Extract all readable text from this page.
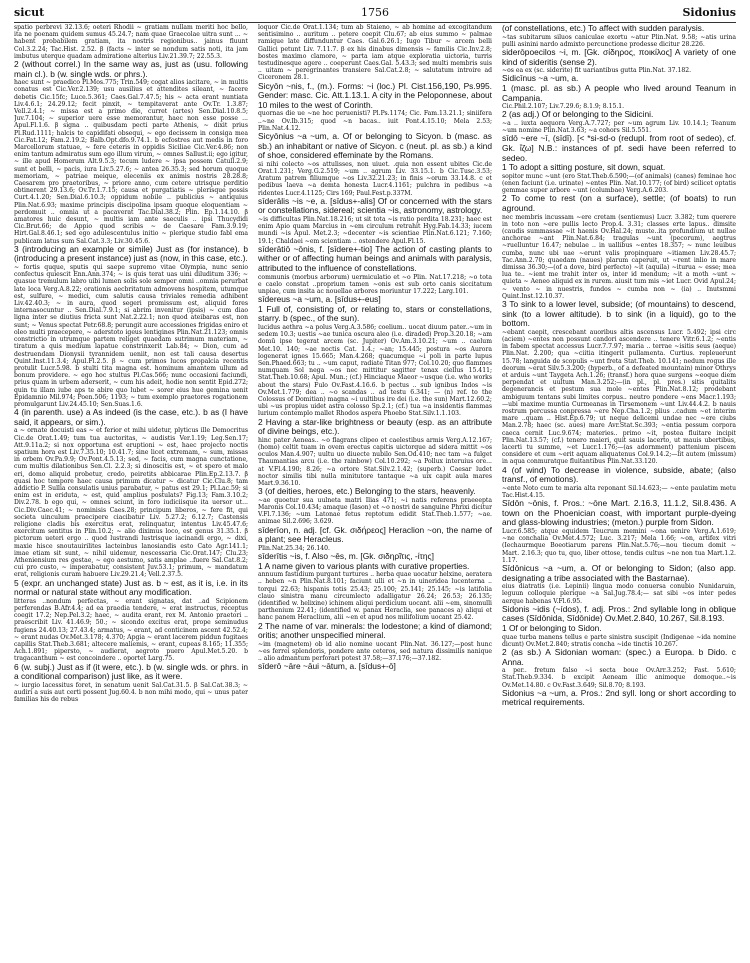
sicut	1756	Sidonius

spatio perbrevi 32.13.6; oeteri Rhodii ~ gratiam nullam meriti hoc bello, ita ne poenam quidem sumus 45.24.7; nam quae Graecolae uitra sunt ... ~ habent probabilem gratiam, ita nostris regionibus.. jainus fluunt Col.3.2.24; Tac.Hist. 2.52. β (facts ~ inter se nondum satis noti, ita jam imbutus uterque quadam admiratione alterius Liv.21.39.7; 22.55.3.

2 (without correl.) In the same way as, just as (usu. following main cl.). b (w. single wds. or phrs.).

haec sunt ~ praedico Pl.Mos.775; Trin.549; cogat alios iacitare, ~ in multis conatus est Cic.Ver.2.139; usu ausilius et attendites sileant, ~ facere debetis Cic.15fc; Luce.5.361; Caes.Gal.7.47.5; his ~ acta erant nuntiata Liv.4.6.1; 24.29.12; fecit pinxit, ~ tempitaverat ante Ov.Tr. 1.3.87; Vell.2.4.1; ~ missa est a primo die, curret (artes) Sen.Dial.10.8.5; Juv.7.104; ~ superior uere esse memorantur, haec non esse posse ... Apul.Fl.1.6. β signa .. quibusdam pecti parte Athenis, ~ dixit prius Pl.Rud.1111; halcis te capidifati obsequi, ~ ego decissem in consiga mea Cic.Fat.12; Fam.2.19.2; Balb.Opt.dfo.9.74.1. b ecfostres aut medis in foro Marcellorum statuae, ~ fere ceteris in oppidis Siciliae Cic.Ver.4.86; non enim tantum admiratus sum ego illum virum, ~ omnes Sallust.ii; ego igitur, ~ ille apud Homerum Alt.9.5.3; tecum ludere ~ ipsa possem Catull.2.9; sunt et belli, ~ pacis, iura Liv.5.27.6; ~ antea 26.35.3; sed horum quoque memoriam, ~ patriae meique, eleceniis ex animis nostris 28.28.8; Caesarem pro praetoribus, ~ priore anno, cum cetere utrisque perditio obtinerent 29.13.6; Ov.Tr.1.7.15; causa et purgatiatis ~ plerisque possis Curt.4.1.20; Sen.Dial.6.10.3; oppidum nobile .. publicius ~ antiquius Plin.Nat.6.93; maxime principis discipolina ipsam quoque eloquentiam ~ perdomuit .. omnia ut a pacaverat Tac.Dial.38.2; Plin. Ep.1.14.10. β amatores huic desunt, ~ multis iam ante saeculis .. ipsi Thucydidi Cic.Brut.66; de Appio quod scribis ~ de Caesare Fam.3.9.19; Hirt.Gal.8.46.1; sed ego adulescentulus initio ~ plerique studio fabl ema publicam latus sum Sal.Cat.3.3; Liv.30.45.6.

3 (introducing an example or simile) Just as (for instance). b (introducing a present instance) just as (now, in this case, etc.).

~ fortis quque, sputis qui saepe supremo vitae Olympia, nunc senio confectus quiescit Enn.Ann.374; ~ is quis terat uas uini diluditum 336; ~ quasue tremulum labro uibi lumen solis sole semper omni ..omnia perurbat late loca Verg.A.8.22; orationis aecbritatum admovens hospitem, utumque est, sulfure, ~ medici, cum salutis causa triviales remedia adhibent Liv.42.40.3; ~ in aura, quod segeri promissum est, aliquid fores internasocuntur .. Sen.Dial.7.9.1; si abrim invenitur (ipsis) ~ cum diao ligna inter se diutius fricta sunt Nat.2.22.1; non quod ateibaras est, non sunt; ~ Venus spectat Petr.68.8; perungit aure accessiones frigidas eniro et oleo multi praecepere, ~ aderstoto igeus lentigines Plin.Nat.21.123; omnis constrictio in utrumque partem religet quaedam sutrimum materiam, ~ tiratum a quis medium lapatue constrinxerit Lab.84; ~ Dion, cum ad destruendam Dionysii tyrannidem ueniit, non est tali causa desertus Quint.Inst.11.3.4; Apul.Fl.2.5. β ~ cum primos lucos propalcia recentis protulit Lucr.5.98. b stulti tita magna est. hominum amantem ullum ad bonum providere. ~ ego hoc stultus Pl.Cas.566; nunc occasioni faciundi, prius quam in urbem aderserit, ~ cum his adeit, hodie non sentit Epid.272; quin tu illam iube aps te abire quo lubet ~ sorer eius hue gemina uenit Epidamnio Mil.974; Poen.506; 1193; ~ tum exemplo praetores rogationem promulgarunt Liv.24.45.10; Sen.Suas.1.6.

4 (in parenth. use) a As indeed (is the case, etc.). b as (I have said, it appears, or sim.).

a ~ ornate docuisti eas ~ et ferior et mihi uidetur, plyticus ille Democritus Cic.de Orat.1.49; tum tua auctoritas, ~ audistis Ver.1.19; Leg.Sen.17; Att.9.11a.2; si nox opportuna est eruptioni ~ est, haec projecto noctis spatium hora est Liv.7.35.10; 10.41.7; sine licet extremam, ~ sum, missas in orbem Ov.Pa.9.9; Ov.Pont.4.5.13; sed, ~ facis, cum magna cunctatione, cum multis dilationibus Sen.Cl. 2.2.3; si dinoscitis est, ~ et spero et malo eri, domo aliquid probetur, credo, peiretits abbicarae Plin.Ep.2.13.7. β quasi hoc tempore haec causa primum dicatur ~ dicatur Cic.Clu.8; tam addictio P. Sullia consulatis unius parabatur, ~ patus est 29.1; Pl.Lac.59; si enim est in eriduta, ~ est, quid amplius postulats? Fig.13; Fam.3.10.2; Div.2.78. b ego qui, ~ omnes sciunt, in foro iudiciisque ita uersor ut... Cic.Div.Caec.41; ~ nominisis Caes.28; principum liberos, ~ fere fit, qui societa uinculum praecipere ciacibatur Liv. 5.27.2; 6.12.7; Castensis religione cladis bis exercitus erat, relinquatur, intentus Liv.45.47.6; exercitum sentitus in Plin.10.2; ~ alio diximus loco, est genus 31.35.1. β pictorum ueteri ergo .. quod lustrandi lustrisque iacinandi ergo, ~ dixi, maxie hisce snoutauirilites lacteinbus lanosiandis esto Cato Agr.141.1; imae etiam sit sunt, ~ nihil uidemur, nescessaria Cic.Orat.147; Clu.23; Atheniensium res gestae, ~ ego aestumo, satis amplae ..fuere Sal.Cat.8.2; cui pro custo, ~ imperabatur, consistent Juv.53.1; primum, ~ mandatum erat, religionis curam habuere Liv.29.21.4; Vell.2.37.5.

5 (expr. an unchanged state) Just as. b ~ est, as it is, i.e. in its normal or natural state without any modification.

litteras ..nondum perfectas, ~ erant signatas, dat ..ad Scipionem perferendas B.Afr.4.4; ad ea praedia tendere, ~ erat instructus, receptus coegit 17.2; Nep.Pel.3.2; haec, ~ audita erant, rex M. Antonio praetori .. praescribit Liv. 41.46.9; 50.; ~ sicondo excitus erat, prope seminudus fugiens 24.40.13; 27.43.4; armatus, ~ erant, ad conticinem ascent 42.52.4; ~ erant nudas Ov.Met.3.178; 4.370; Apgia ~ erant lacerem piddun fugitaes capillis Stat.Theb.3.681; altecere maliemis, ~ erant, cupeas 8.165; 11.355; Ach.1.891; pipersto, ~ audierat, aegroto puero Apul.Met.5.20. b tragacanthum ~ est concoindere .. oportet Larg.75.

6 (w. subj.) Just as if (it were, etc.). b (w. single wds. or phrs. in a conditional comparison) just like, as it were.

~ iurgio lacessitus foret, in senatum uenit Sal.Cat.31.5. β Sal.Cat.38.3; ~ audiri a suis aut certi possent Jug.60.4. b non mihi modo, qui ~ unus pater familias his de rebus

loquor Cic.de Orat.1.134; tum ab Staieno, ~ ab homine ad excogitandum sentisimino .. auritum .. petere coepit Clu.67; ab eius summo ~ palmae ramique late diffunduntur Caes. Gal.6.26.1; Iugo Tibur ~ arcem belli Gallici petunt Liv. 7.11.7. β ex his dinabus dimensis ~ familis Cic.Inv.2.8; bostes maximo clamore, ~ parta iam atque exploratia uictoria, turris testudinesque agere .. coeperunt Caes.Gal. 5.43.3; sed multi membris suis .. uitam ~ peregrinantes transiere Sal.Cat.2.8; ~ salutatum introire ad Ciceronem 28.1.

Sicyōn ~nis, f., (m.). Forms: ~i (loc.) Pl. Cist.156,190, Ps.995. Gender: masc. Cic. Att.1.13.1. A city in the Peloponnese, about 10 miles to the west of Corinth.

quornas die ue ~ne hoc peruenisti? Pl.Ps.1174; Cic. Fam.13.21.1; siniifera ..~ne Ov.Ib.315; quod ~n bacas.. iuit Pont.4.15.10; Mela 2.53; Plin.Nat.4.12.

Sicyōnius ~a ~um, a. Of or belonging to Sicyon. b (masc. as sb.) an inhabitant or native of Sicyon. c (neut. pl. as sb.) a kind of shoe, considered effeminate by the Romans.

si nihi colecto ~os attulisses, non uiuet. .quia non essent ubites Cic.de Orat.1.231; Verg.G.2.519; ~um .. agrum Liv. 33.15.1. b Cic.Tusc.3.53; Aratum patrem filiumque ~os Liv.32.21.23; in finis ~orum 33.14.8. c et pedibus laeva ~a demta honesta Lucr.4.1161; pulchra in pedibus ~a ridentes Lucr.4.1125; Cirs 169; Paul.Fest.p.337M.

sīderālis ~is ~e, a. [sīdus+-alis] Of or concerned with the stars or constellations, sidereal; scientia ~is, astronomy, astrology.

~is difficultas Plin.Nat.18.216; ut sit tota ~is ratio perdita 18.231; haec est enim Apio quam Marcius in ~em circulum retrahit Hyg.Fab.14.33; iucem mundi ~is Apul. Met.2.3; ~decenter ~is scientiae Plin.Nat.6.121; 7.160; 19.1; Chaldaei ~em scientiam .. ostendere Apul.Fl.15.

sīderātiō ~ōnis, f. [sīdere+-tio] The action of casting plants to wither or of affecting human beings and animals with paralysis, attributed to the influence of constellations.

communis (morbus arborum) uermiculatio et ~o Plin. Nat.17.218; ~o tota e caelo constat ..proprium tamen ~onis est sub orto canis siccitatum unpiae, cum insita ac nouellae arbores moriuntur 17.222; Larg.101.

sīdereus ~a ~um, a. [sīdus+-eus]

1 Full of, consisting of, or relating to, stars or constellations, starry. b (spec., of the sun).

lucidus aethra ~a polus Verg.A.3.586; coelium.. uocat diuum pater..~um in sedem 10.3; uestis ~ae tunica oscura aleo (i.e. diraded) Prop.3.20.18; ~am domū ipse tegerat arcem (sc. Jupiter) Ov.Am.3.10.21; ~um .. caelum Met.10. 140; ~ae noctis Cat. 1.4.; ~an; 15.445; postura ~os Aurora logenerat ignes 15.665; Man.4.268; quacumque ~i poli in parte lupus Sen.Phaed.663; tu .. ~um caput, radiate Titan 977; Col.10.20; quo flammes numquam Sol nega ~os nec mittitur sagitter tenax ciellus 15.411; Stat.Theb.10.68; Apul. Mun.; (cf.) Hinciaque Maeor ~usque (i.e. who works about the stars) Fulo Ov.Fast.4.16.6. b pectus .. sub ignibus Indos ~is Ov.Met.1.779; dea .. ~o scandas .. ad testu 6.341; — (n) ref. to the Colossus of Domitian) magna ~i uultibus ire dei (i.e. the sun) Mart.12.60.2; ubi ~us propius uidet astra colosso Sp.2.1; (cf.) tua ~a insidentis flammas lurium contemplo mallet Rhodos aspera Phoebo Stat.Silv.1.1.103.

2 Having a star-like brightness or beauty (esp. as an attribute of divine beings, etc.).

hinc pater Aeneas.. ~o flagrans clipeo et caelestibus armis Verg.A.12.167; (homo) celtit tuam in ovem erectus capitis uictorque ad sidera mittit ~os oculos Man.4.907; uultu uo diuecte nubilo Sen.Od.410; nec tam ~a fulget Thaumantias arcu (i.e. the rainbow) Col.10.292; ~a Pollux interuius ore... at V.Fl.4.190; 8.26; ~a ortore Stat.Silv.2.1.42; (superb.) Caesar ludet noctor similis tibi nulla minitutore tantaque ~a uix capit aula mares Mart.9.36.10.

3 (of deities, heroes, etc.) Belonging to the stars, heavenly.

~ae quoetur sua uulneta matri Ilias 471; ~i natis referens praeeepta Maronis Col.10.434; amaque (Iason) et ~o nostri de sanguine Phrixi dicitur V.Fl.7.136; ~um Latonae fetus reptotum edidit Stat.Theb.1.577; ~ae. animae Sil.2.696; 3.629.

sīderīon, n. adj. [cf. Gk. σιδήρεος] Heraclion ~on, the name of a plant; see Heracleus.

Plin.Nat.25.34; 26.140.

sīderītis ~is, f. Also ~ēs, m. [Gk. σιδηρῖτις, -ίτης]

1 A name given to various plants with curative properties.

annuum fastidium purgant turtures .. herba quae uocatur helxine, aeratera .. heben ~n Plin.Nat.8.101; faciunt ulli et ~n in uineridea lucenterna .. torqui 22.63; hispanis totis 25.43; 25.100; 25.141; 25.145; ~is latifolia clauo sinistra manu circumlecto adalligatur 26.24; 26.53; 26.135; (identified w. helixine) ichinem aliqui perdicium uocant. alii ~em, sinomulli parthenium 22.41; (identified w. panax Heraclia, see panaces a) aliqui et hanc panem Heraclium, alii ~en et apud nos milifolium uocant 25.42.

2 The name of var. minerals: the lodestone; a kind of diamond; oritis; another unspecified mineral.

~im (magnetem) ob id alio nomine uocant Plin.Nat. 36.127;—post hunc ~es ferrei splendoris, pondere ante ceteros, sed natura dissimilis nanique .. alio admantum perforari potest 37.58;—37.176;—37.182.

sīderō ~āre ~āui ~ātum, a. [sīdus+-ō]

(of constellations, etc.) To affect with sudden paralysis.

~tas subitarum siluos caniculae exortu ~atur Plin.Nat. 9.58; ~atis urina pulli asinini nardo admixto percunctione prodesse dicitur 28.226.

siderōpoecilos ~i, m. [Gk. σίδηρος, ποικίλος] A variety of one kind of sideritis (sense 2).

~os ea ex (sc. siderite) fit uariantibus gutta Plin.Nat. 37.182.

Sidicīnus ~a ~um, a.

1 (masc. pl. as sb.) A people who lived around Teanum in Campania.

Cic.Phil.2.107; Liv.7.29.6; 8.1.9; 8.15.1.

2 (as adj.) Of or belonging to the Sidicini.

~a .. iuxta aequora Verg.A.7.727; per ~um agrum Liv. 10.14.1; Teanum ~um nomine Plin.Nat.3.63; ~a cohors Sil.5.551.

sīdō ~ere ~ī, (sīdī). [< *si-sd-o (redupl. from root of sedeo), cf. Gk. ἵζω] N.B.: instances of pf. sedi have been referred to sedeo.

1 To adopt a sitting posture, sit down, squat.

sopitor munc ~unt (ero Stat.Theb.6.590;—(of animals) (canes) feminae hoc (enen faciunt (i.e. urinate) ~entes Plin. Nat.10.177; (of bird) scilicet optatis gemmae super arbore ~unt (columbae) Verg.A.6.203.

2 To come to rest (on a surface), settle; (of boats) to run aground.

nec membris incussam ~ere cretam (sentiemus) Lucr. 3.382; tum querere in toto non ~ere pullis lecto Prop.4. 3.31; classes erte lapus.. dimsite (caudis summassae ~it haenis Ov.Hal.24; muste..ita profundium ut nullae anchorae ~ant Plin.Nat.6.84; tragulas ~unt (pecorum), aegtrus ~ruelluntur 16.47; nebulae .. in uallibus ~entes 18.357; ~ nunc leuibus cumba, nunc ubi uae ~erunt valis propinquare ~itiamen Liv.28.45.7; Tac.Ann.2.70; quaedam (naues) plarum caperuit, ut ~rent inlio in mare dimissa 36.30;—(of a dove, bird perfecto) ~it (aquila) ~iturua ~ esse; mea lua te.. ~ient me trahit inter os, inter id mendum; ~it a moth ~unt ~ quieta ~ Aeneo aliquid ex in rurem. aiusit tum mis ~iet Lucr. Ovid Apul.24; ~ vento ~ in nuestris, fundos ~ cumba non ~ (ia) .. Inutsmmi Quint.Inst.12.10.37.

3 To sink to a lower level, subside; (of mountains) to descend, sink (to a lower altitude). b to sink (in a liquid), go to the bottom.

~ebant caepit, crescebant auoribus altis ascensus Lucr. 5.492; ipsi circ (aciem) ~entes non possunt candori ascendere .. tenere Vitr.6.1.2; ~entis in fabem spectat accessus Lucr.7.7.97; maria .. terrae ~isitis seus (aeque) Plin.Nat. 2.200; qua ~ciitia itingerit pullamenta. Curtius. repleuerunt 15.78; languida de scopulis ~unt freta Stat.Theb. 10.141; nedum rogus ille deorum ~erat Silv.5.3.200; (hyperb., of a defeated mountain) minor Othrys et arduis ~unt Taygeta Ach.1.26; (transf.) hora quae surgens ~eoque diem perpendat et uultum Man.3.252;—(in pl., pl. pres.) sitis quitalits degenerancis et pestum sua mole ~entes Plin.Nat.8.12; prodebant ambiguum tentans subi limites corpus.. neutro pondere ~ens Macr.1.193;—ubi maxime muntia Curmeanas in Tirsemonem ~unt Liv.44.4.2. b nauis rostrum percussa conpressa ~ere Nep.Cha.1.2; plius ..cadum ~et interim mare ..quam .. Hist.Ep.6.79; ut neque delicemi undae nec ~ere ciubs Man.2.78; haec (sc. aues) mare Avr.Stat.Sc.393; ~entia pessum corpora caeca cernit Luc.9.674; materies.. primo ~it, postea fluitare incipit Plin.Nat.13.57; (cf.) tenero maieri, quit sauis lacerto, ut mauis ubertibus, lacerti tu summe, ~et Lucr.1.176;—(as adornment) pattenium piscem considere et cum ~erit aquam aliquatenus Col.9.14.2;—lit autem (missum) in aqua conmuratque fluitantibus Plin.Nat.33.120.

4 (of wind) To decrease in violence, subside, abate; (also transf., of emotions).

~ente Noto cum te maria alta reponant Sil.14.623;— ~ente paulatim metu Tac.Hist.4.15.

Sīdōn ~ōnis, f. Pros.: ~ōne Mart. 2.16.3, 11.1.2, Sil.8.436. A town on the Phoenician coast, with important purple-dyeing and glass-blowing industries; (meton.) purple from Sidon.

Lucr.6.585; atque equidem Teucrum memini ~ona uenire Verg.A.1.619; ~ne conchalia Ov.Met.4.572; Luc. 3.217; Mela 1.66; ~on, artifex vitri (Iechaurmque Boeotiarum parens Plin.Nat.5.76;—nou tiecum domit ~ Mart. 2.16.3; quo tu, quo, liber ottose, tendis cultus ~ne non tua Mart.1.2. 1.17.

Sīdōnicus ~a ~um, a. Of or belonging to Sidon; (also app. designating a tribe associated with the Bastarnae).

eius diatratis (i.e. Lepinii) lingua modo conuersa conubio Nunidaruin, leguun colloquie plerique ~a Sal.Jug.78.4;— sat sibi ~os inter pedes aerque habenas V.Fl.6.95.

Sidonis ~idis (~ídos), f. adj. Pros.: 2nd syllable long in oblique cases (Sīdōnida, Sīdōnide) Ov.Met.2.840, 10.267, Sil.8.193.

1 Of or belonging to Sidon.

quae turba manens tellus e parte sinistra suscipit (Indigenae ~ida nomine dicunt) Ov.Met.2.840; stratis concha ~ide tinctis 10.267.

2 (as sb.) A Sidonian woman: (spec.) a Europa. b Dido. c Anna.

a per.. fretum falso ~i secta boue Ov.Arr.3.252; Fast. 5.610; Stat.Theb.9.334. b excipit Aeneam illic animoque domoque..~is Ov.Met.14.80. c Ov.Fast.3.649; Sil.8.70; 8.193.

Sidonius ~a ~um, a. Pros.: 2nd syll. long or short according to metrical requirements.
